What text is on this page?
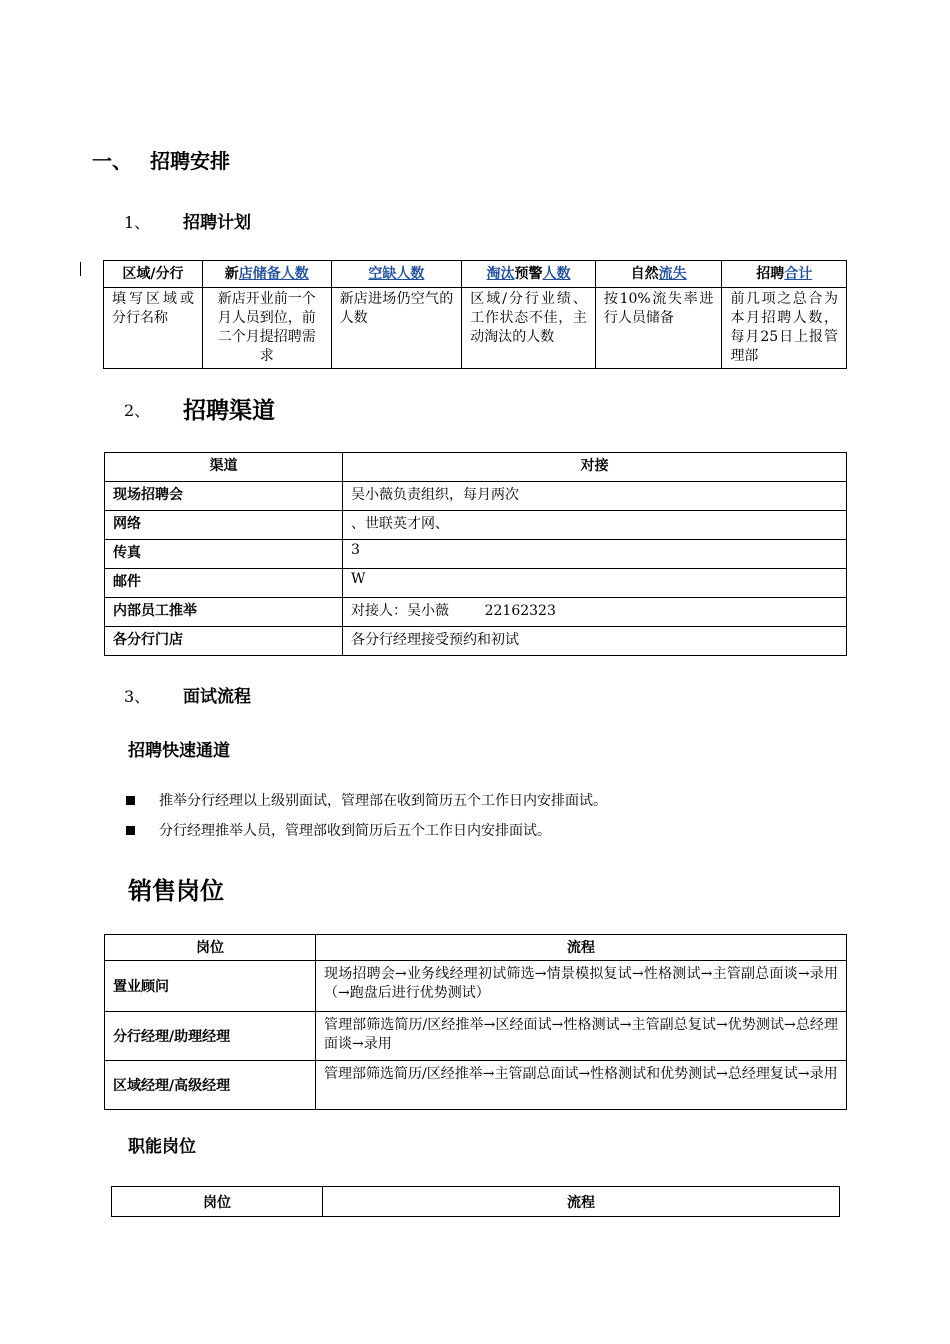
一、 招聘安排
1、 招聘计划
区域/分行	新店储备人数	空缺人数	淘汰预警人数	自然流失	招聘合计
填写区域或分行名称	新店开业前一个月人员到位，前二个月提招聘需求	新店进场仍空气的人数	区域/分行业绩、工作状态不佳，主动淘汰的人数	按10%流失率进行人员储备	前几项之总合为本月招聘人数，每月25日上报管理部
2、 招聘渠道
渠道	对接
现场招聘会	吴小薇负责组织，每月两次
网络	、世联英才网、
传真	3
邮件	W
内部员工推举	对接人：吴小薇        22162323
各分行门店	各分行经理接受预约和初试
3、 面试流程
招聘快速通道
推举分行经理以上级别面试，管理部在收到简历五个工作日内安排面试。
分行经理推举人员，管理部收到简历后五个工作日内安排面试。
销售岗位
岗位	流程
置业顾问	现场招聘会→业务线经理初试筛选→情景模拟复试→性格测试→主管副总面谈→录用（→跑盘后进行优势测试）
分行经理/助理经理	管理部筛选简历/区经推举→区经面试→性格测试→主管副总复试→优势测试→总经理面谈→录用
区域经理/高级经理	管理部筛选简历/区经推举→主管副总面试→性格测试和优势测试→总经理复试→录用
职能岗位
岗位	流程
